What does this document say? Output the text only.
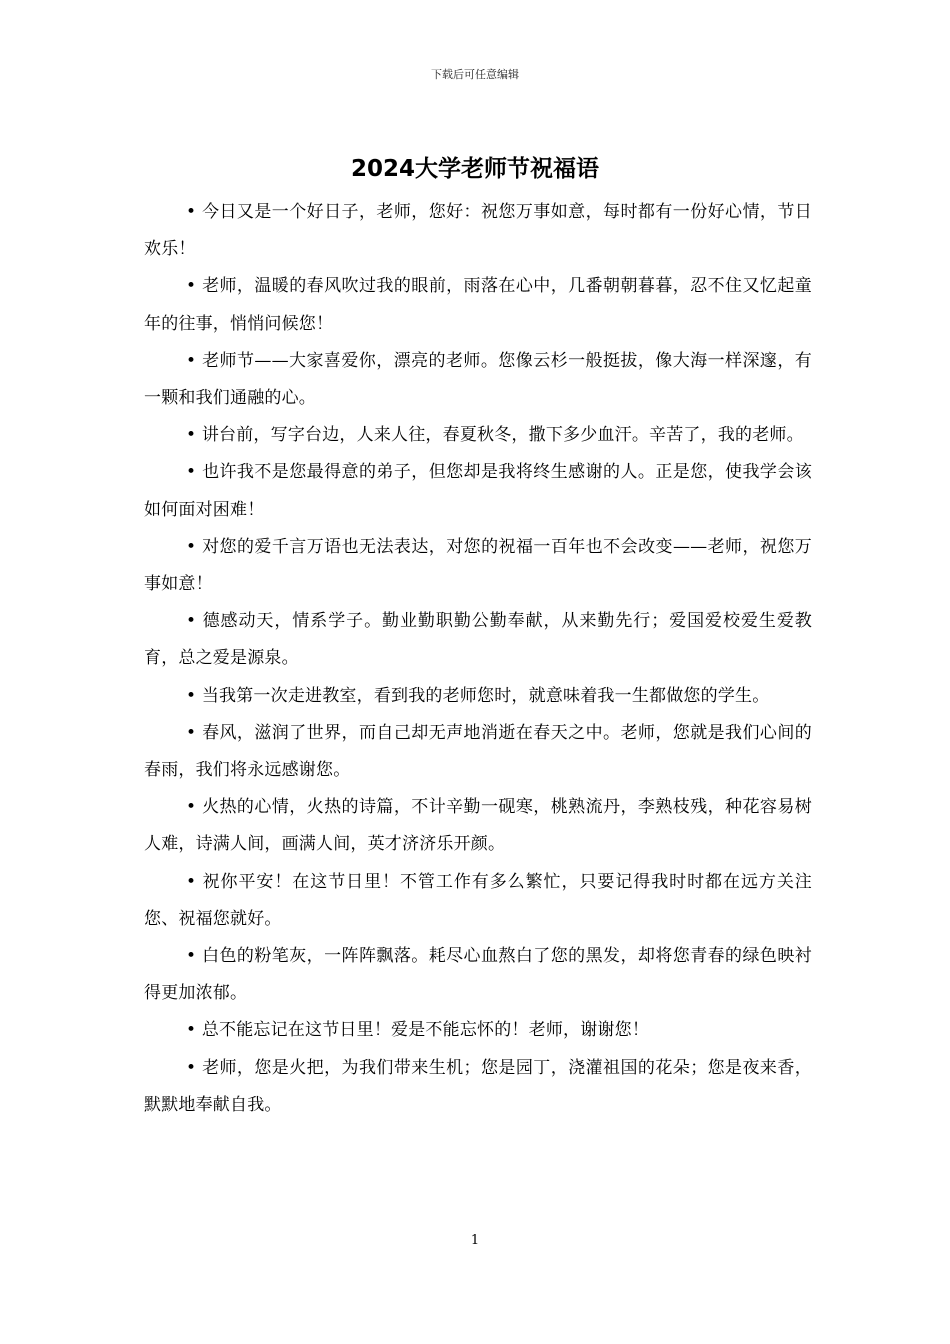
下载后可任意编辑
2024大学老师节祝福语

• 今日又是一个好日子，老师，您好：祝您万事如意，每时都有一份好心情，节日欢乐！

• 老师，温暖的春风吹过我的眼前，雨落在心中，几番朝朝暮暮，忍不住又忆起童年的往事，悄悄问候您！

• 老师节——大家喜爱你，漂亮的老师。您像云杉一般挺拔，像大海一样深邃，有一颗和我们通融的心。

• 讲台前，写字台边，人来人往，春夏秋冬，撒下多少血汗。辛苦了，我的老师。

• 也许我不是您最得意的弟子，但您却是我将终生感谢的人。正是您，使我学会该如何面对困难！

• 对您的爱千言万语也无法表达，对您的祝福一百年也不会改变——老师，祝您万事如意！

• 德感动天，情系学子。勤业勤职勤公勤奉献，从来勤先行；爱国爱校爱生爱教育，总之爱是源泉。

• 当我第一次走进教室，看到我的老师您时，就意味着我一生都做您的学生。

• 春风，滋润了世界，而自己却无声地消逝在春天之中。老师，您就是我们心间的春雨，我们将永远感谢您。

• 火热的心情，火热的诗篇，不计辛勤一砚寒，桃熟流丹，李熟枝残，种花容易树人难，诗满人间，画满人间，英才济济乐开颜。

• 祝你平安！在这节日里！不管工作有多么繁忙，只要记得我时时都在远方关注您、祝福您就好。

• 白色的粉笔灰，一阵阵飘落。耗尽心血熬白了您的黑发，却将您青春的绿色映衬得更加浓郁。

• 总不能忘记在这节日里！爱是不能忘怀的！老师，谢谢您！

• 老师，您是火把，为我们带来生机；您是园丁，浇灌祖国的花朵；您是夜来香，默默地奉献自我。

1
